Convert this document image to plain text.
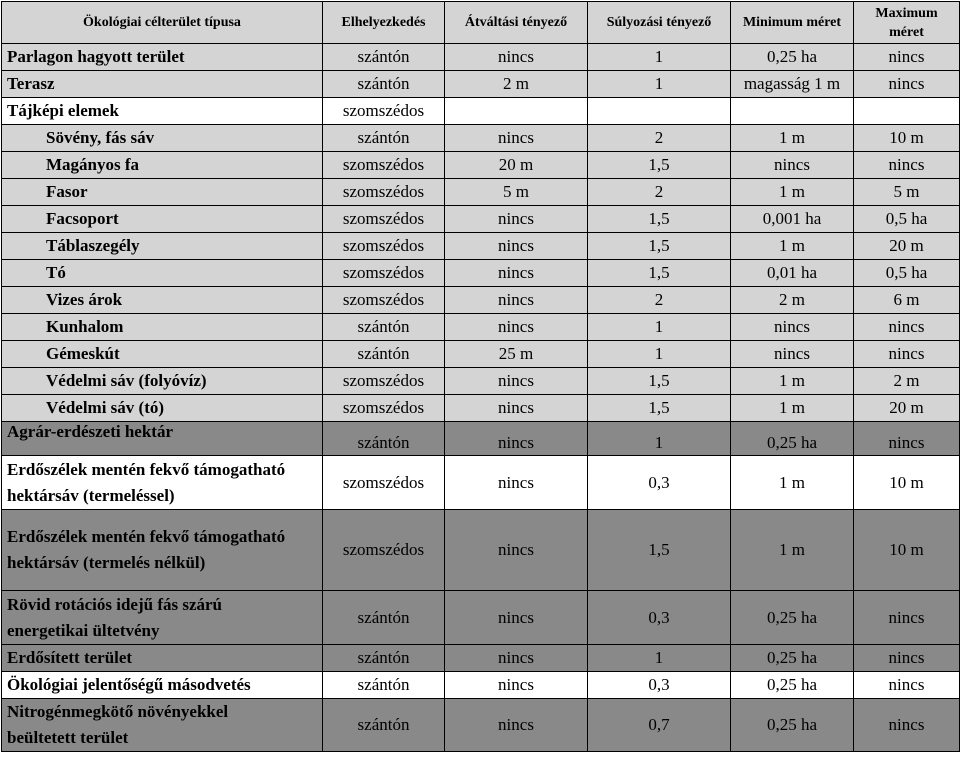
Ökológiai célterület típusa	Elhelyezkedés	Átváltási tényező	Súlyozási tényező	Minimum méret	Maximum méret
Parlagon hagyott terület	szántón	nincs	1	0,25 ha	nincs
Terasz	szántón	2 m	1	magasság 1 m	nincs
Tájképi elemek	szomszédos				
Sövény, fás sáv	szántón	nincs	2	1 m	10 m
Magányos fa	szomszédos	20 m	1,5	nincs	nincs
Fasor	szomszédos	5 m	2	1 m	5 m
Facsoport	szomszédos	nincs	1,5	0,001 ha	0,5 ha
Táblaszegély	szomszédos	nincs	1,5	1 m	20 m
Tó	szomszédos	nincs	1,5	0,01 ha	0,5 ha
Vizes árok	szomszédos	nincs	2	2 m	6 m
Kunhalom	szántón	nincs	1	nincs	nincs
Gémeskút	szántón	25 m	1	nincs	nincs
Védelmi sáv (folyóvíz)	szomszédos	nincs	1,5	1 m	2 m
Védelmi sáv (tó)	szomszédos	nincs	1,5	1 m	20 m
Agrár-erdészeti hektár	szántón	nincs	1	0,25 ha	nincs
Erdőszélek mentén fekvő támogatható hektársáv (termeléssel)	szomszédos	nincs	0,3	1 m	10 m
Erdőszélek mentén fekvő támogatható hektársáv (termelés nélkül)	szomszédos	nincs	1,5	1 m	10 m
Rövid rotációs idejű fás szárú energetikai ültetvény	szántón	nincs	0,3	0,25 ha	nincs
Erdősített terület	szántón	nincs	1	0,25 ha	nincs
Ökológiai jelentőségű másodvetés	szántón	nincs	0,3	0,25 ha	nincs
Nitrogénmegkötő növényekkel beültetett terület	szántón	nincs	0,7	0,25 ha	nincs
